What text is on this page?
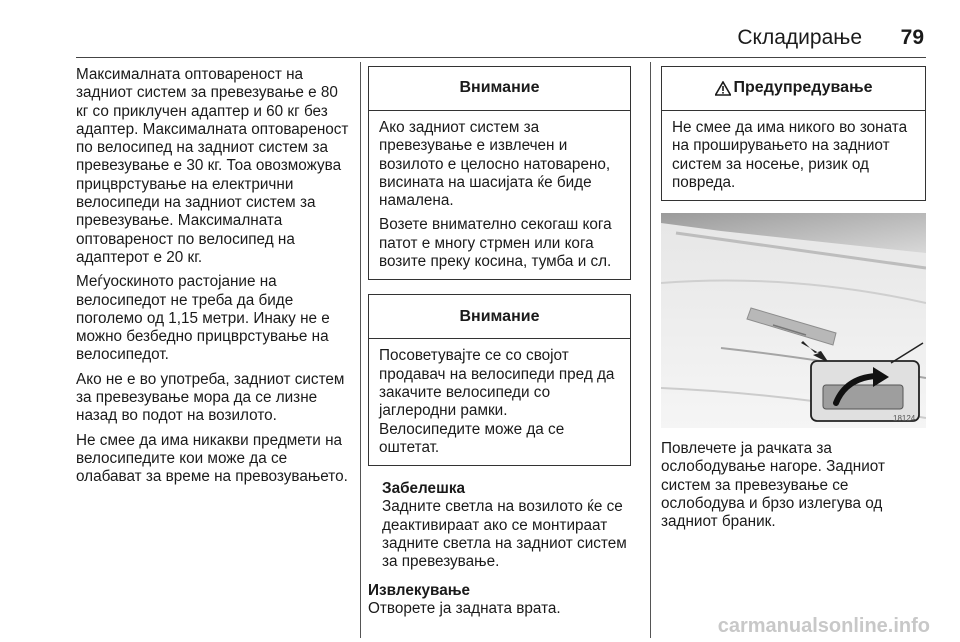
Складирање 79

Максималната оптовареност на задниот систем за превезување е 80 кг со приклучен адаптер и 60 кг без адаптер. Максималната оптовареност по велосипед на задниот систем за превезување е 30 кг. Тоа овозможува прицврстување на електрични велосипеди на задниот систем за превезување. Максималната оптовареност по велосипед на адаптерот е 20 кг.

Меѓуоскиното растојание на велосипедот не треба да биде поголемо од 1,15 метри. Инаку не е можно безбедно прицврстување на велосипедот.

Ако не е во употреба, задниот систем за превезување мора да се лизне назад во подот на возилото.

Не смее да има никакви предмети на велосипедите кои може да се олабават за време на превозувањето.

Внимание

Ако задниот систем за превезување е извлечен и возилото е целосно натоварено, висината на шасијата ќе биде намалена.

Возете внимателно секогаш кога патот е многу стрмен или кога возите преку косина, тумба и сл.

Внимание

Посоветувајте се со својот продавач на велосипеди пред да закачите велосипеди со јаглеродни рамки.

Велосипедите може да се оштетат.

Забелешка
Задните светла на возилото ќе се деактивираат ако се монтираат задните светла на задниот систем за превезување.
Извлекување
Отворете ја задната врата.
Предупредување

Не смее да има никого во зоната на проширувањето на задниот систем за носење, ризик од повреда.

18124
Повлечете ја рачката за ослободување нагоре. Задниот систем за превезување се ослободува и брзо излегува од задниот браник.
carmanualsonline.info
